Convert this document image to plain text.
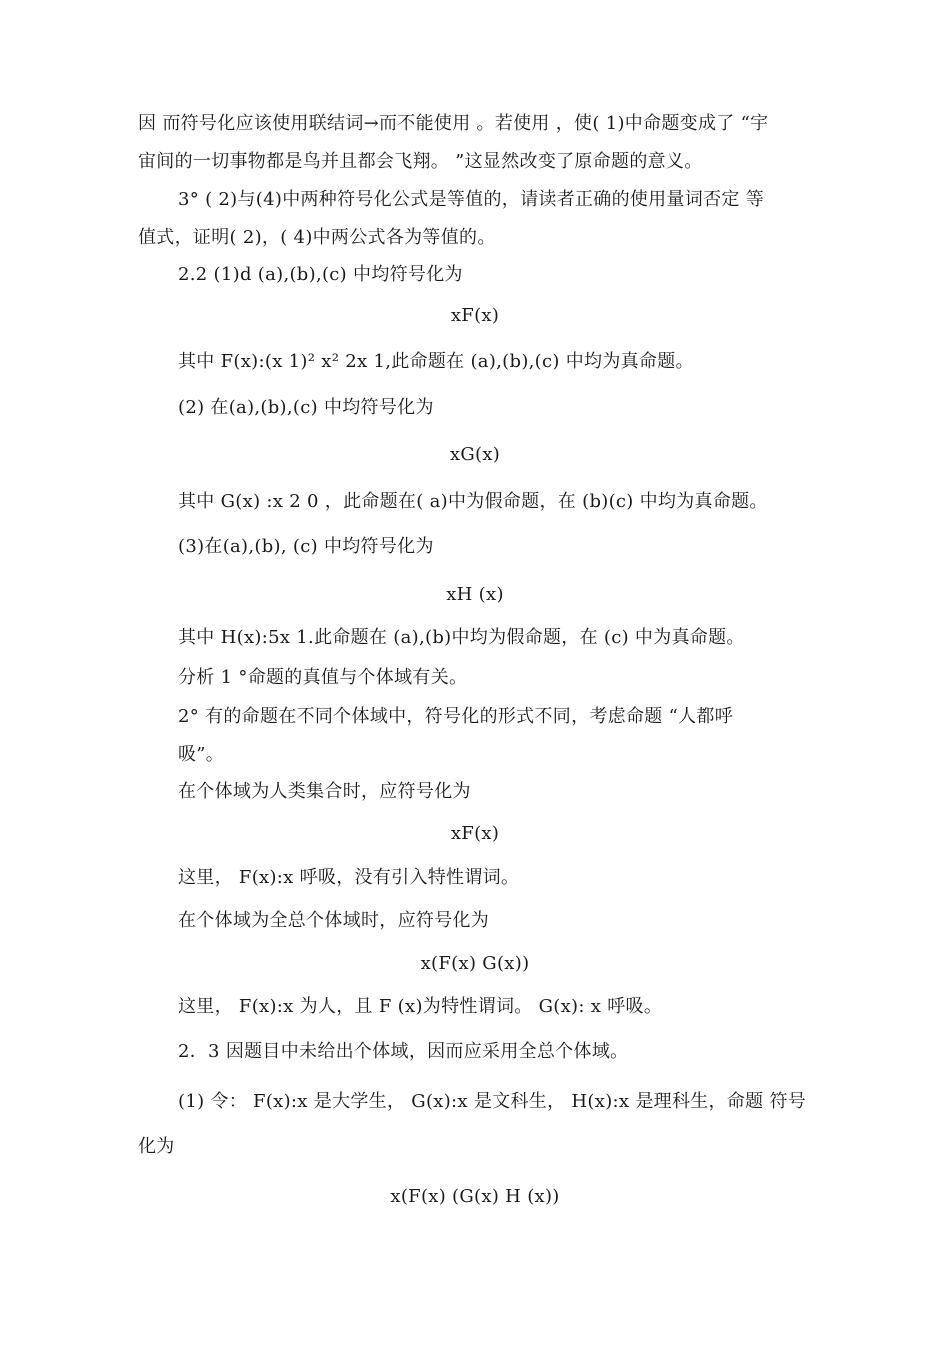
因 而符号化应该使用联结词→而不能使用 。若使用 ，使( 1)中命题变成了 “宇
宙间的一切事物都是鸟并且都会飞翔。 ”这显然改变了原命题的意义。
3° ( 2)与(4)中两种符号化公式是等值的，请读者正确的使用量词否定 等
值式，证明( 2)，( 4)中两公式各为等值的。
2.2 (1)d (a),(b),(c) 中均符号化为
xF(x)
其中 F(x):(x 1)² x² 2x 1,此命题在 (a),(b),(c) 中均为真命题。
(2) 在(a),(b),(c) 中均符号化为
xG(x)
其中 G(x) :x 2 0 ，此命题在( a)中为假命题，在 (b)(c) 中均为真命题。
(3)在(a),(b), (c) 中均符号化为
xH (x)
其中 H(x):5x 1.此命题在 (a),(b)中均为假命题，在 (c) 中为真命题。
分析 1 °命题的真值与个体域有关。
2° 有的命题在不同个体域中，符号化的形式不同，考虑命题 “人都呼
吸”。
在个体域为人类集合时，应符号化为
xF(x)
这里， F(x):x 呼吸，没有引入特性谓词。
在个体域为全总个体域时，应符号化为
x(F(x) G(x))
这里， F(x):x 为人，且 F (x)为特性谓词。 G(x): x 呼吸。
2．3 因题目中未给出个体域，因而应采用全总个体域。
(1) 令： F(x):x 是大学生， G(x):x 是文科生， H(x):x 是理科生，命题 符号
化为
x(F(x) (G(x) H (x))
